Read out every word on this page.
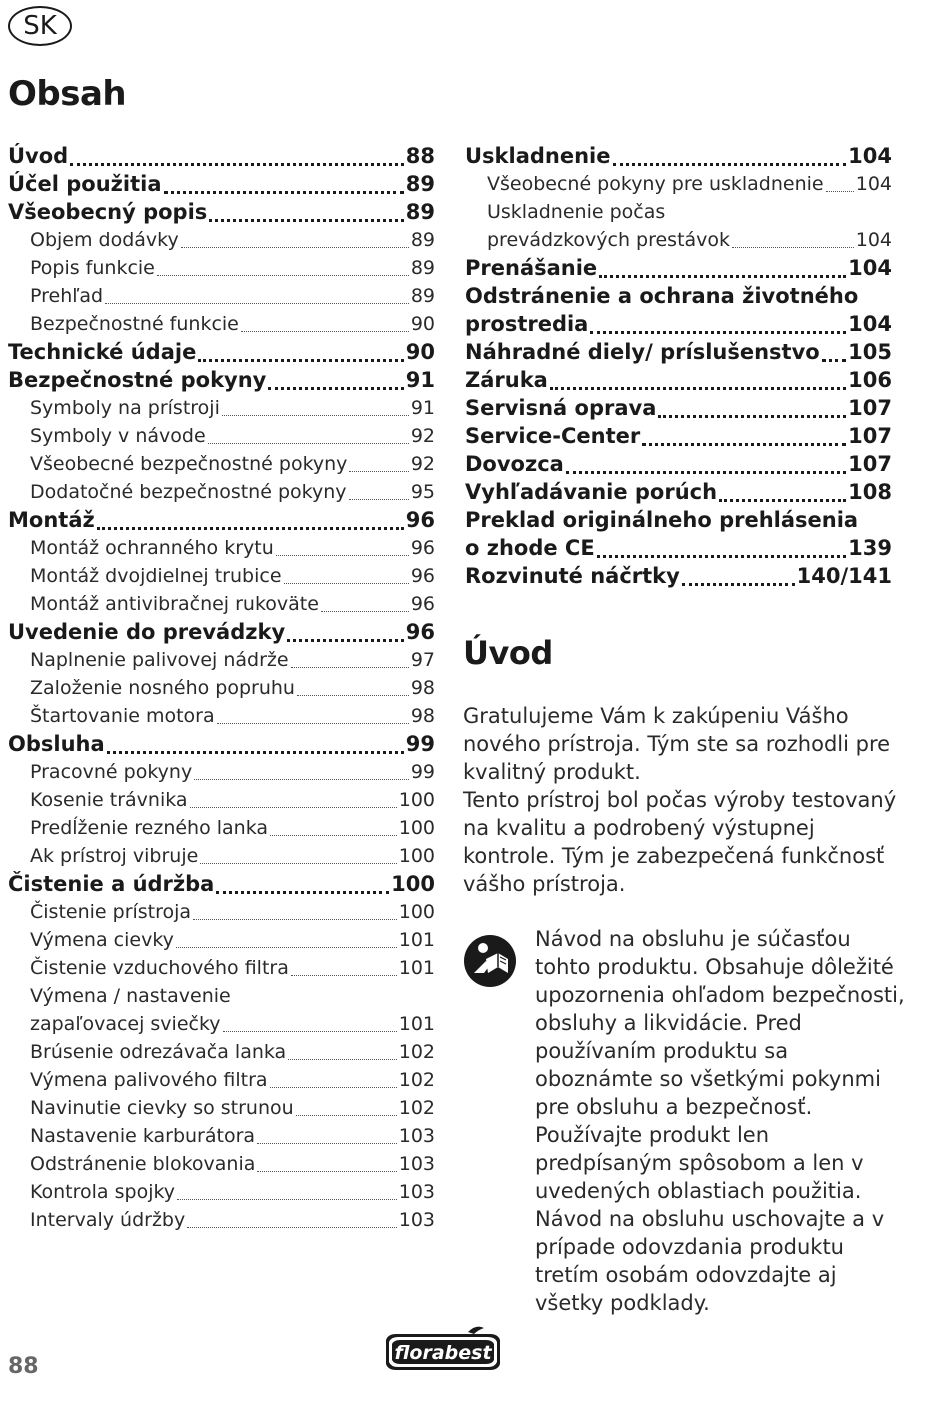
SK
Obsah
Úvod	88
Účel použitia	89
Všeobecný popis	89
Objem dodávky	89
Popis funkcie	89
Prehľad	89
Bezpečnostné funkcie	90
Technické údaje	90
Bezpečnostné pokyny	91
Symboly na prístroji	91
Symboly v návode	92
Všeobecné bezpečnostné pokyny	92
Dodatočné bezpečnostné pokyny	95
Montáž	96
Montáž ochranného krytu	96
Montáž dvojdielnej trubice	96
Montáž antivibračnej rukoväte	96
Uvedenie do prevádzky	96
Naplnenie palivovej nádrže	97
Založenie nosného popruhu	98
Štartovanie motora	98
Obsluha	99
Pracovné pokyny	99
Kosenie trávnika	100
Predĺženie rezného lanka	100
Ak prístroj vibruje	100
Čistenie a údržba	100
Čistenie prístroja	100
Výmena cievky	101
Čistenie vzduchového filtra	101
Výmena / nastavenie
zapaľovacej sviečky	101
Brúsenie odrezávača lanka	102
Výmena palivového filtra	102
Navinutie cievky so strunou	102
Nastavenie karburátora	103
Odstránenie blokovania	103
Kontrola spojky	103
Intervaly údržby	103
Uskladnenie	104
Všeobecné pokyny pre uskladnenie 104
Uskladnenie počas
prevádzkových prestávok	104
Prenášanie	104
Odstránenie a ochrana životného
prostredia	104
Náhradné diely/ príslušenstvo 105
Záruka	106
Servisná oprava	107
Service-Center	107
Dovozca	107
Vyhľadávanie porúch	108
Preklad originálneho prehlásenia
o zhode CE	139
Rozvinuté náčrtky	140/141
Úvod

Gratulujeme Vám k zakúpeniu Vášho nového prístroja. Tým ste sa rozhodli pre kvalitný produkt.

Tento prístroj bol počas výroby testovaný na kvalitu a podrobený výstupnej kontrole. Tým je zabezpečená funkčnosť vášho prístroja.

Návod na obsluhu je súčasťou tohto produktu. Obsahuje dôležité upozornenia ohľadom bezpečnosti, obsluhy a likvidácie. Pred používaním produktu sa oboznámte so všetkými pokynmi pre obsluhu a bezpečnosť. Používajte produkt len predpísaným spôsobom a len v uvedených oblastiach použitia. Návod na obsluhu uschovajte a v prípade odovzdania produktu tretím osobám odovzdajte aj všetky podklady.

88
florabest
